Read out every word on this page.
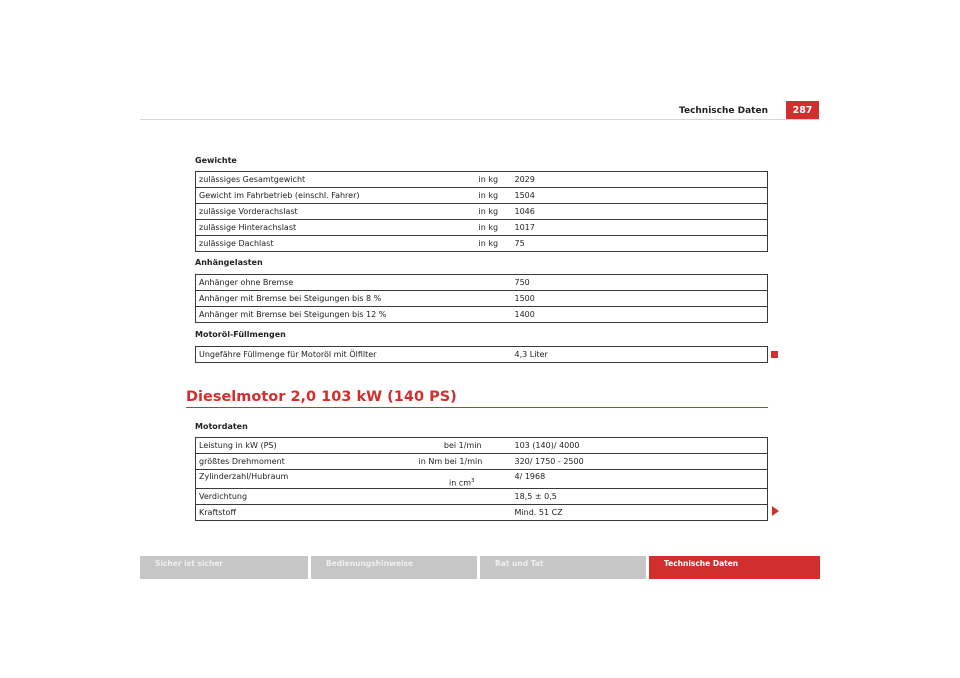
Technische Daten	287
Gewichte
zulässiges Gesamtgewicht	in kg	2029
Gewicht im Fahrbetrieb (einschl. Fahrer)	in kg	1504
zulässige Vorderachslast	in kg	1046
zulässige Hinterachslast	in kg	1017
zulässige Dachlast	in kg	75
Anhängelasten
Anhänger ohne Bremse		750
Anhänger mit Bremse bei Steigungen bis 8 %		1500
Anhänger mit Bremse bei Steigungen bis 12 %		1400
Motoröl-Füllmengen
Ungefähre Füllmenge für Motoröl mit Ölfilter		4,3 Liter
Dieselmotor 2,0 103 kW (140 PS)
Motordaten
Leistung in kW (PS)	bei 1/min	103 (140)/ 4000
größtes Drehmoment	in Nm bei 1/min	320/ 1750 - 2500
Zylinderzahl/Hubraum	in $cm^3$	4/ 1968
Verdichtung		18,5 ± 0,5
Kraftstoff		Mind. 51 CZ
Sicher ist sicher	Bedienungshinweise	Rat und Tat	Technische Daten
